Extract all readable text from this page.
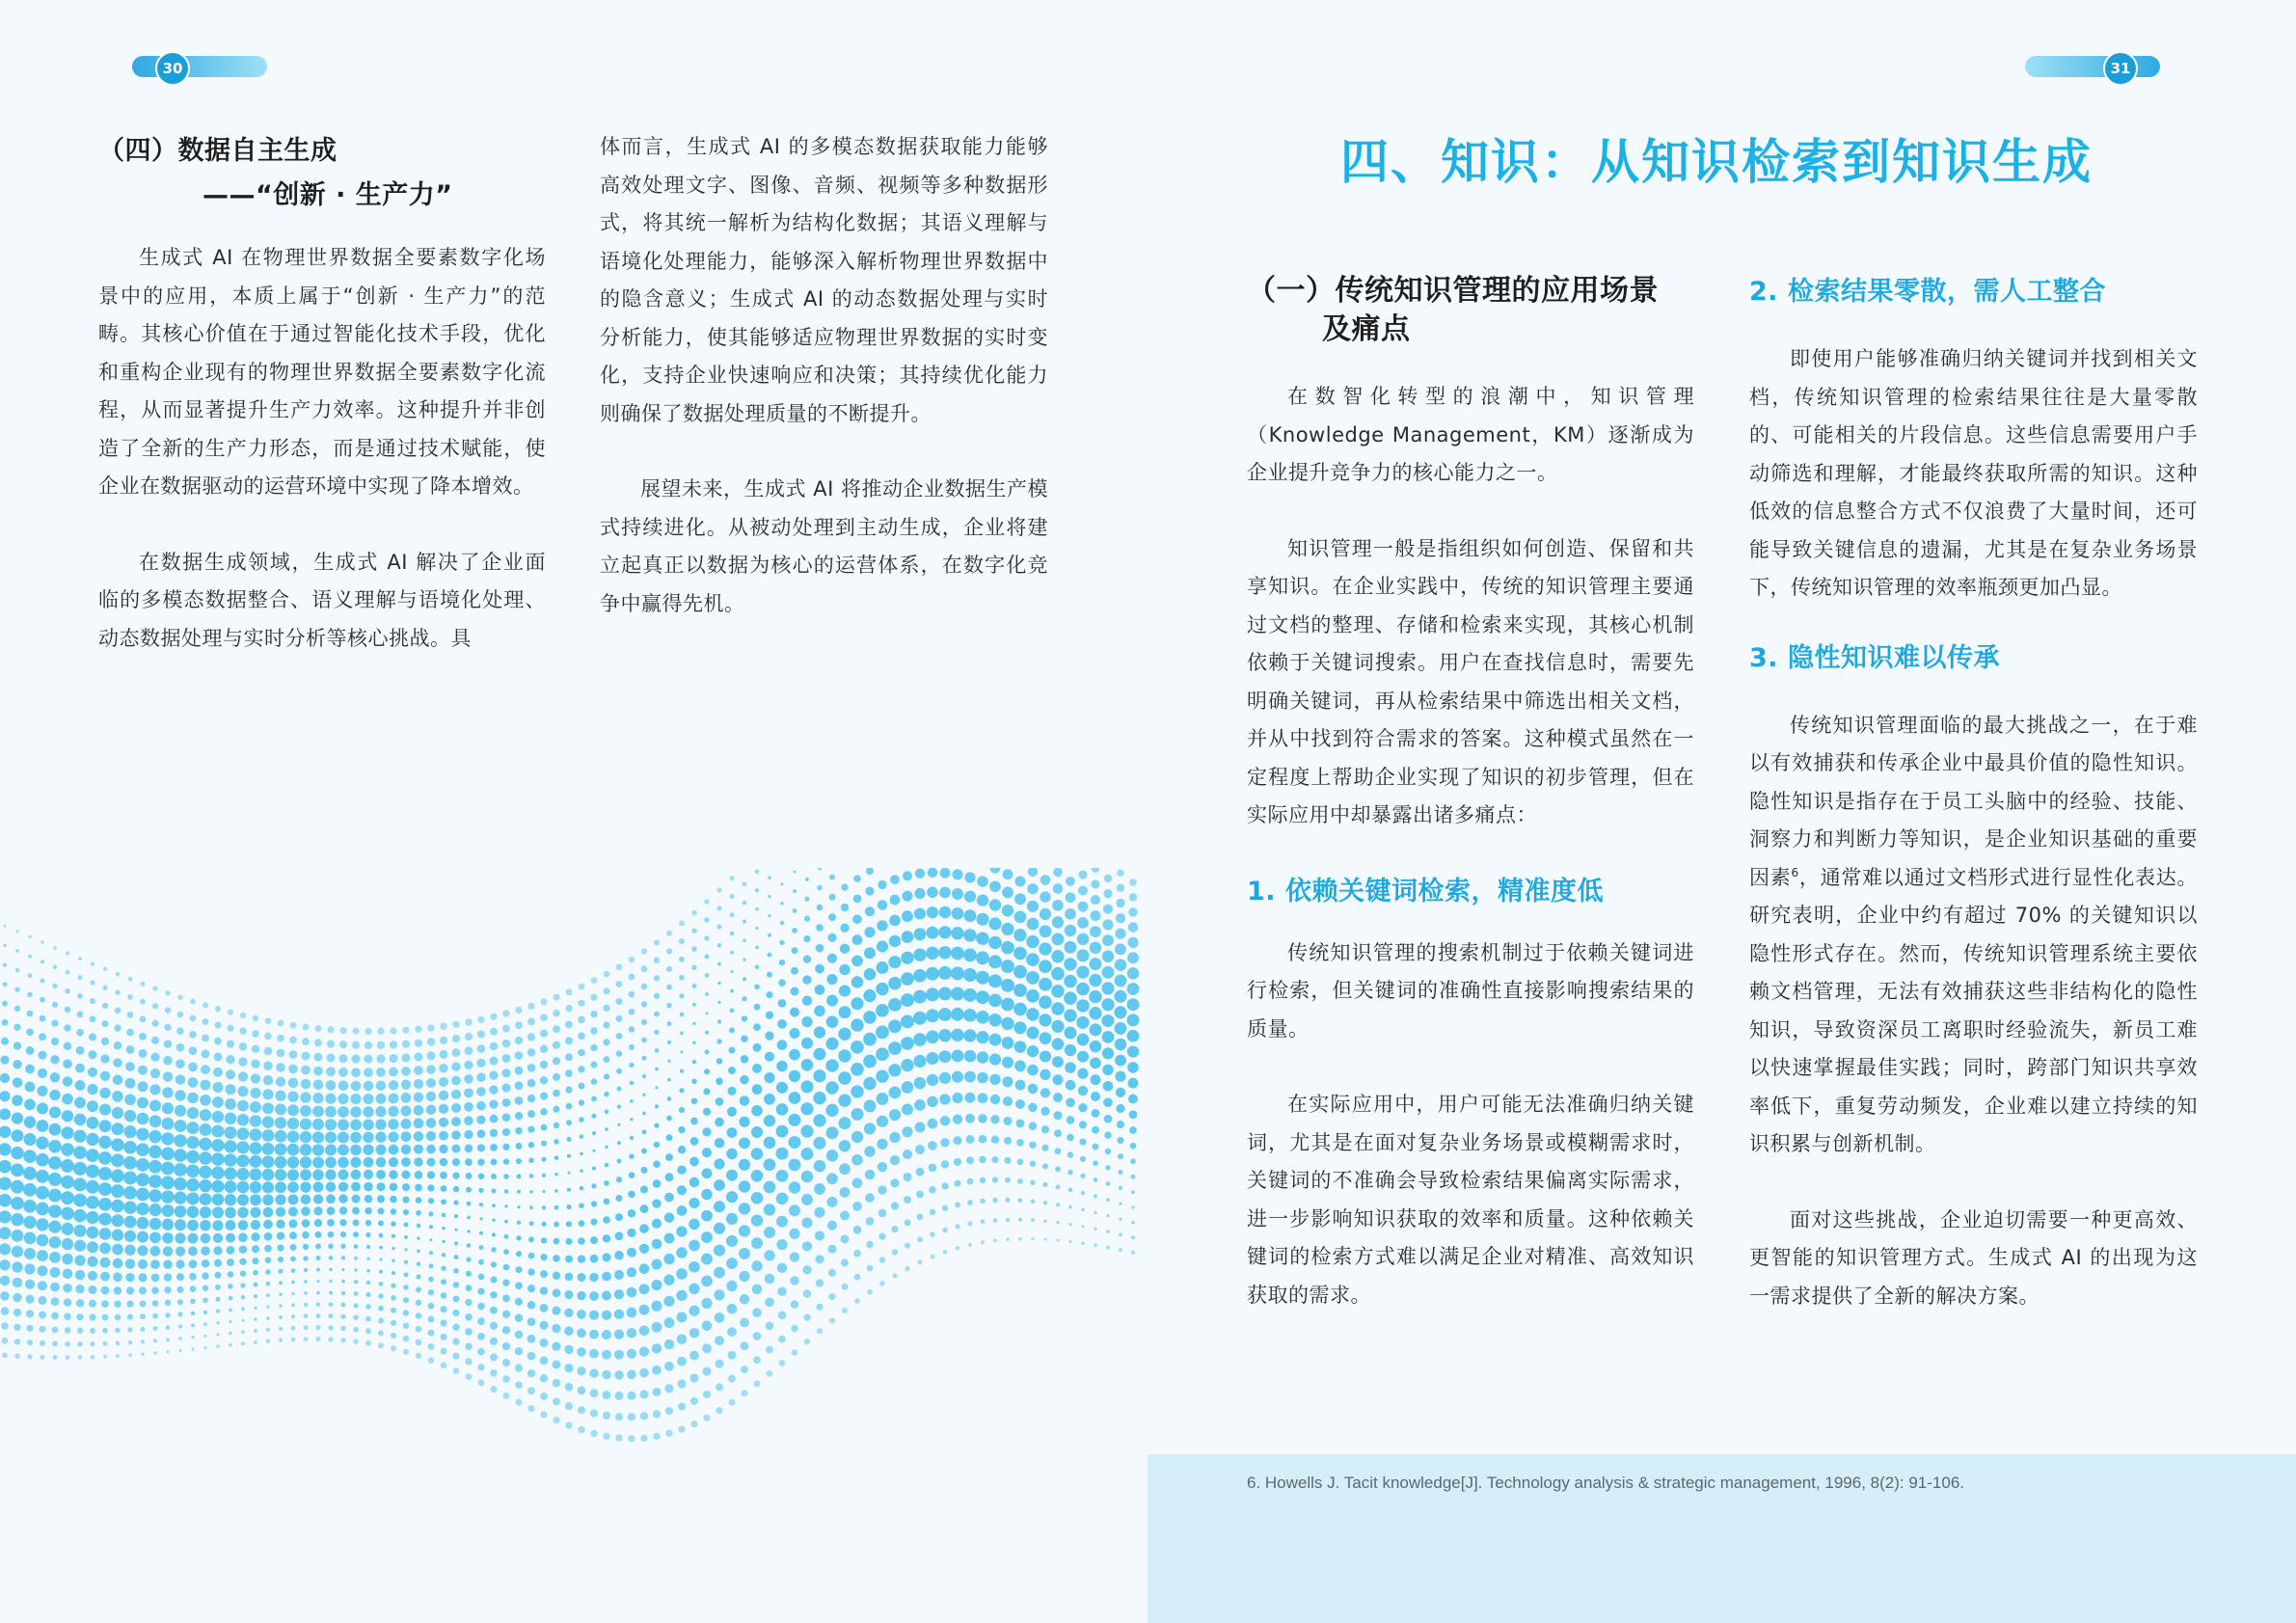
30	31
（四）数据自主生成
——“创新 · 生产力”

生成式 AI 在物理世界数据全要素数字化场景中的应用，本质上属于“创新 · 生产力”的范畴。其核心价值在于通过智能化技术手段，优化和重构企业现有的物理世界数据全要素数字化流程，从而显著提升生产力效率。这种提升并非创造了全新的生产力形态，而是通过技术赋能，使企业在数据驱动的运营环境中实现了降本增效。

在数据生成领域，生成式 AI 解决了企业面临的多模态数据整合、语义理解与语境化处理、动态数据处理与实时分析等核心挑战。具

体而言，生成式 AI 的多模态数据获取能力能够高效处理文字、图像、音频、视频等多种数据形式，将其统一解析为结构化数据；其语义理解与语境化处理能力，能够深入解析物理世界数据中的隐含意义；生成式 AI 的动态数据处理与实时分析能力，使其能够适应物理世界数据的实时变化，支持企业快速响应和决策；其持续优化能力则确保了数据处理质量的不断提升。

展望未来，生成式 AI 将推动企业数据生产模式持续进化。从被动处理到主动生成，企业将建立起真正以数据为核心的运营体系，在数字化竞争中赢得先机。

四、知识：从知识检索到知识生成
（一）传统知识管理的应用场景
及痛点

在数智化转型的浪潮中，知识管理（Knowledge Management，KM）逐渐成为企业提升竞争力的核心能力之一。

知识管理一般是指组织如何创造、保留和共享知识。在企业实践中，传统的知识管理主要通过文档的整理、存储和检索来实现，其核心机制依赖于关键词搜索。用户在查找信息时，需要先明确关键词，再从检索结果中筛选出相关文档，并从中找到符合需求的答案。这种模式虽然在一定程度上帮助企业实现了知识的初步管理，但在实际应用中却暴露出诸多痛点：

1. 依赖关键词检索，精准度低

传统知识管理的搜索机制过于依赖关键词进行检索，但关键词的准确性直接影响搜索结果的质量。

在实际应用中，用户可能无法准确归纳关键词，尤其是在面对复杂业务场景或模糊需求时，关键词的不准确会导致检索结果偏离实际需求，进一步影响知识获取的效率和质量。这种依赖关键词的检索方式难以满足企业对精准、高效知识获取的需求。

2. 检索结果零散，需人工整合

即使用户能够准确归纳关键词并找到相关文档，传统知识管理的检索结果往往是大量零散的、可能相关的片段信息。这些信息需要用户手动筛选和理解，才能最终获取所需的知识。这种低效的信息整合方式不仅浪费了大量时间，还可能导致关键信息的遗漏，尤其是在复杂业务场景下，传统知识管理的效率瓶颈更加凸显。

3. 隐性知识难以传承

传统知识管理面临的最大挑战之一，在于难以有效捕获和传承企业中最具价值的隐性知识。隐性知识是指存在于员工头脑中的经验、技能、洞察力和判断力等知识，是企业知识基础的重要因素$^6$，通常难以通过文档形式进行显性化表达。研究表明，企业中约有超过 70% 的关键知识以隐性形式存在。然而，传统知识管理系统主要依赖文档管理，无法有效捕获这些非结构化的隐性知识，导致资深员工离职时经验流失，新员工难以快速掌握最佳实践；同时，跨部门知识共享效率低下，重复劳动频发，企业难以建立持续的知识积累与创新机制。

面对这些挑战，企业迫切需要一种更高效、更智能的知识管理方式。生成式 AI 的出现为这一需求提供了全新的解决方案。

6. Howells J. Tacit knowledge[J]. Technology analysis & strategic management, 1996, 8(2): 91-106.
